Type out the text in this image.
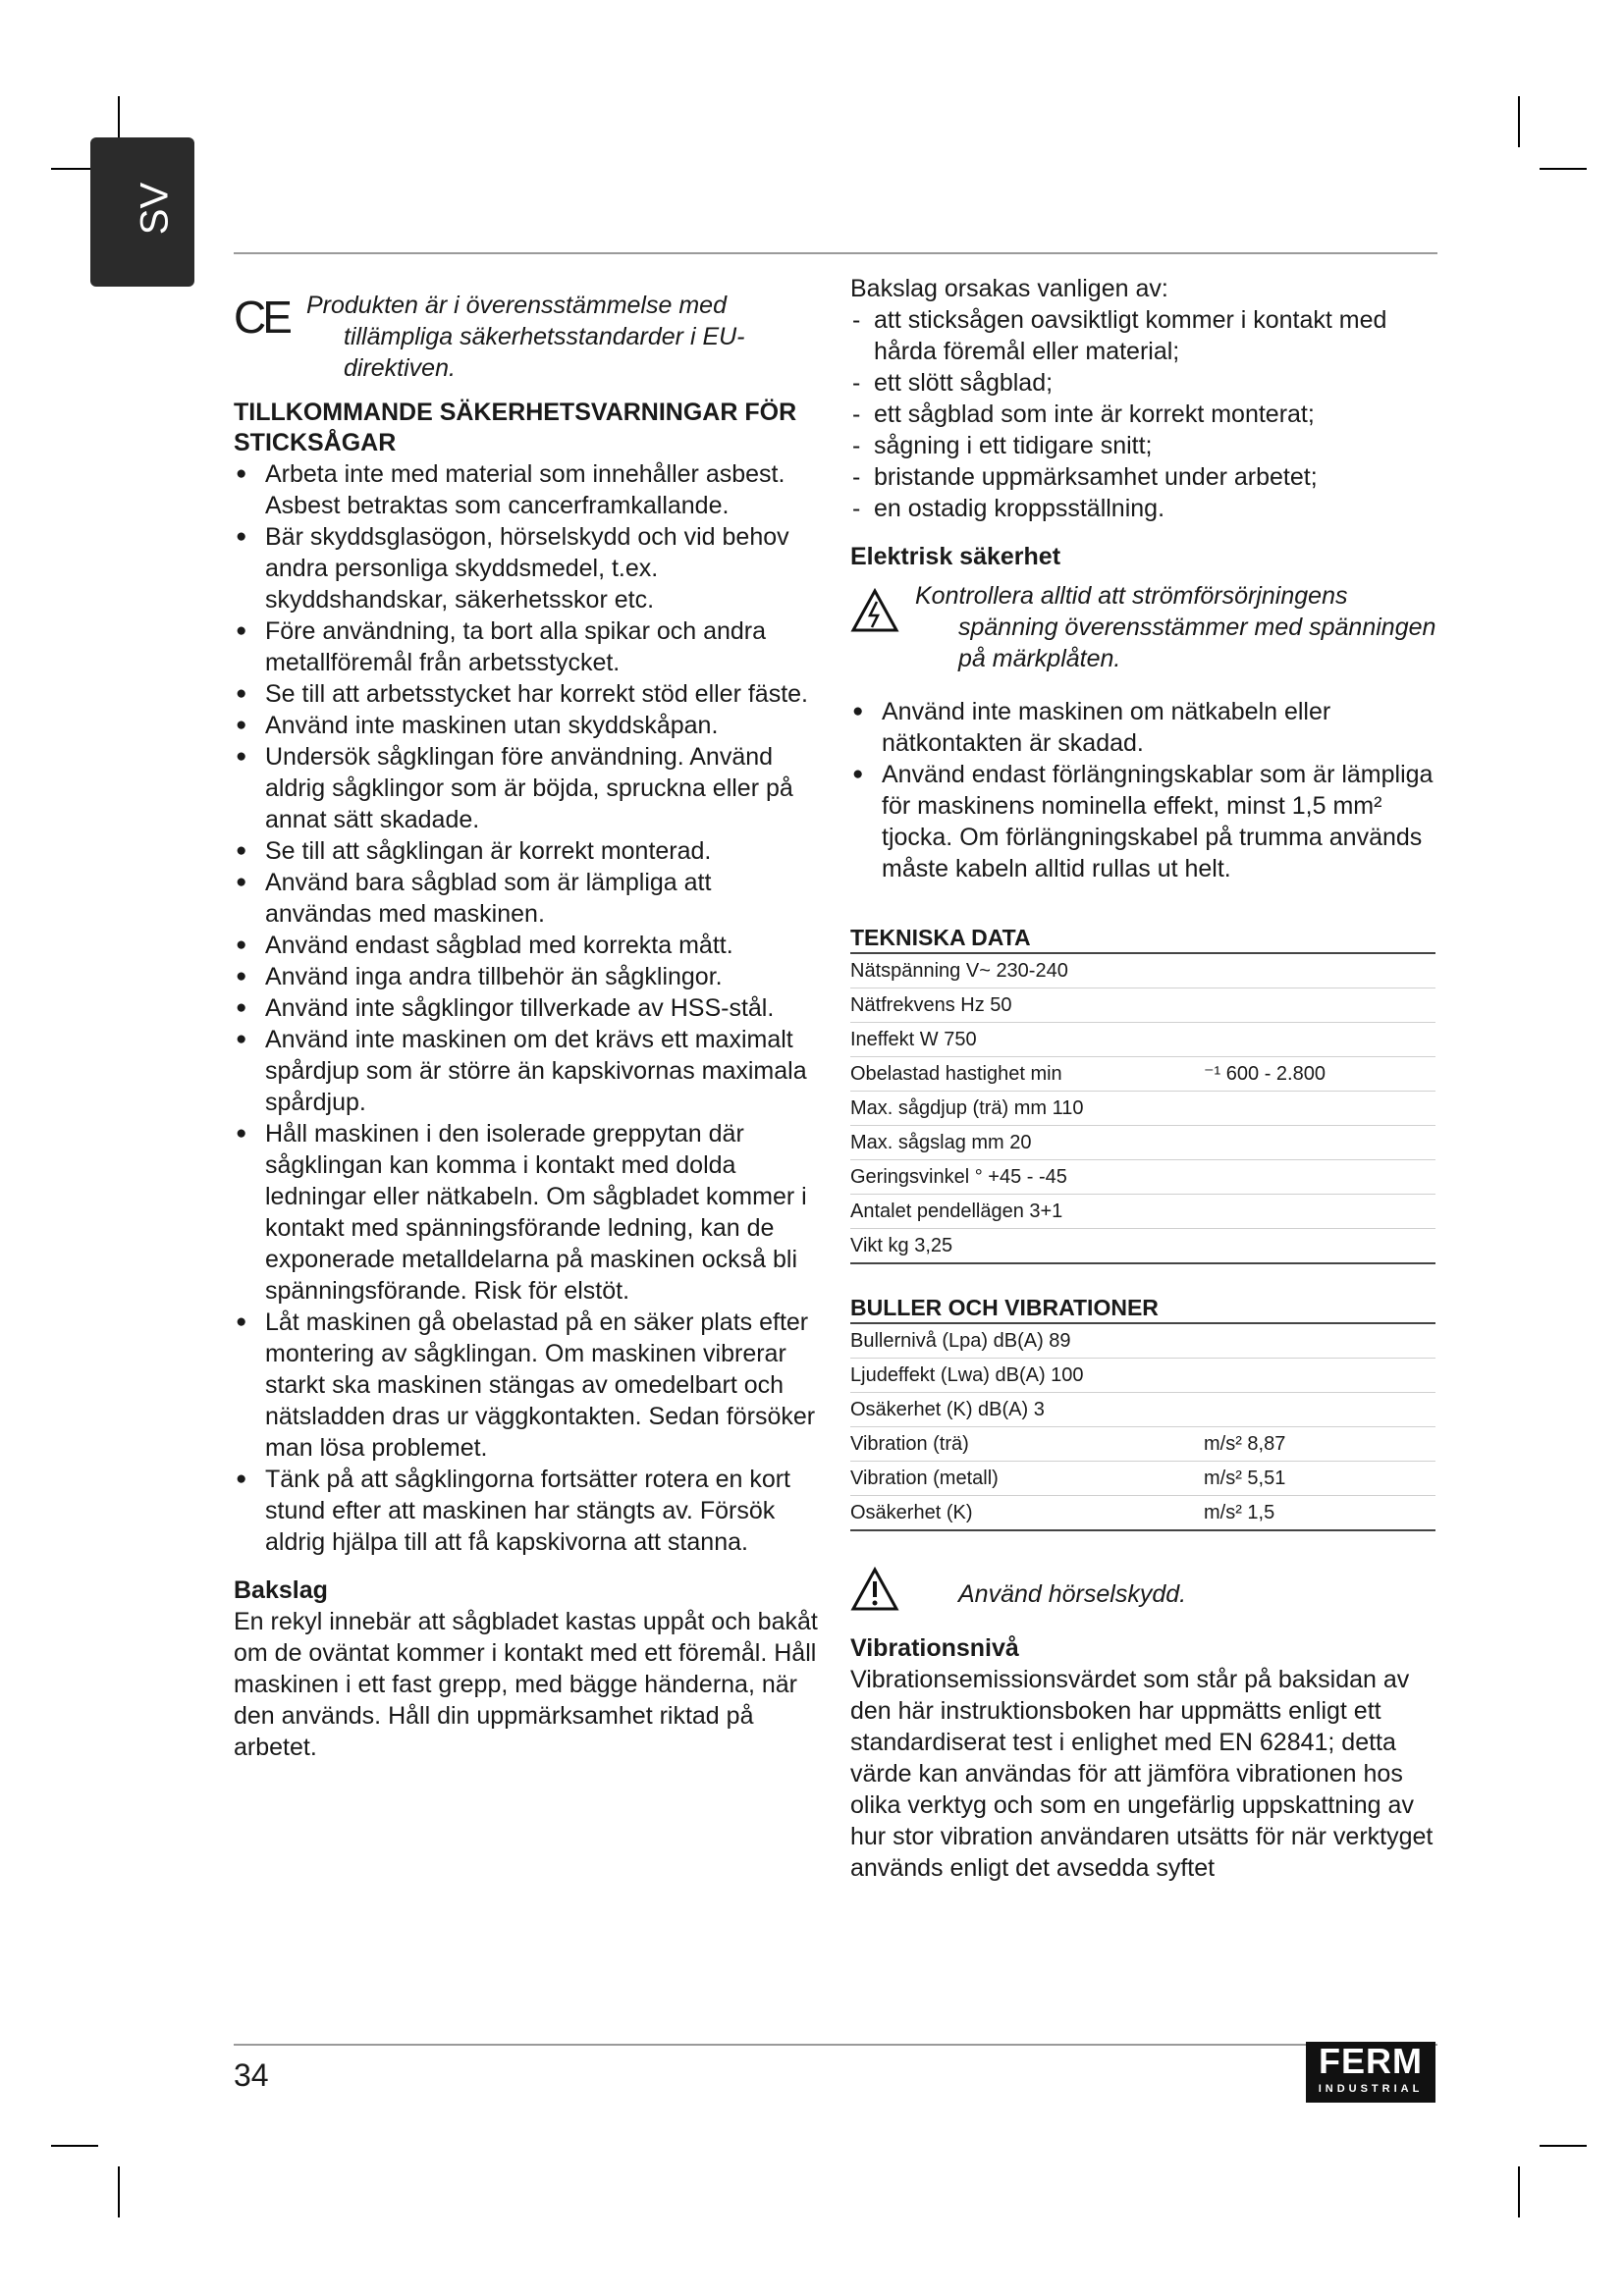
SV
CE Produkten är i överensstämmelse med
tillämpliga säkerhetsstandarder i EU-direktiven.
TILLKOMMANDE SÄKERHETSVARNINGAR FÖR STICKSÅGAR
● Arbeta inte med material som innehåller asbest. Asbest betraktas som cancerframkallande.
● Bär skyddsglasögon, hörselskydd och vid behov andra personliga skyddsmedel, t.ex. skyddshandskar, säkerhetsskor etc.
● Före användning, ta bort alla spikar och andra metallföremål från arbetsstycket.
● Se till att arbetsstycket har korrekt stöd eller fäste.
● Använd inte maskinen utan skyddskåpan.
● Undersök sågklingan före användning. Använd aldrig sågklingor som är böjda, spruckna eller på annat sätt skadade.
● Se till att sågklingan är korrekt monterad.
● Använd bara sågblad som är lämpliga att användas med maskinen.
● Använd endast sågblad med korrekta mått.
● Använd inga andra tillbehör än sågklingor.
● Använd inte sågklingor tillverkade av HSS-stål.
● Använd inte maskinen om det krävs ett maximalt spårdjup som är större än kapskivornas maximala spårdjup.
● Håll maskinen i den isolerade greppytan där sågklingan kan komma i kontakt med dolda ledningar eller nätkabeln. Om sågbladet kommer i kontakt med spänningsförande ledning, kan de exponerade metalldelarna på maskinen också bli spänningsförande. Risk för elstöt.
● Låt maskinen gå obelastad på en säker plats efter montering av sågklingan. Om maskinen vibrerar starkt ska maskinen stängas av omedelbart och nätsladden dras ur väggkontakten. Sedan försöker man lösa problemet.
● Tänk på att sågklingorna fortsätter rotera en kort stund efter att maskinen har stängts av. Försök aldrig hjälpa till att få kapskivorna att stanna.
Bakslag

En rekyl innebär att sågbladet kastas uppåt och bakåt om de oväntat kommer i kontakt med ett föremål. Håll maskinen i ett fast grepp, med bägge händerna, när den används. Håll din uppmärksamhet riktad på arbetet.

Bakslag orsakas vanligen av:

- att sticksågen oavsiktligt kommer i kontakt med hårda föremål eller material;
- ett slött sågblad;
- ett sågblad som inte är korrekt monterat;
- sågning i ett tidigare snitt;
- bristande uppmärksamhet under arbetet;
- en ostadig kroppsställning.
Elektrisk säkerhet
Kontrollera alltid att strömförsörjningens
spänning överensstämmer med spänningen på märkplåten.
● Använd inte maskinen om nätkabeln eller nätkontakten är skadad.
● Använd endast förlängningskablar som är lämpliga för maskinens nominella effekt, minst 1,5 mm² tjocka. Om förlängningskabel på trumma används måste kabeln alltid rullas ut helt.
TEKNISKA DATA
Nätspänning V~ 230-240
Nätfrekvens Hz 50
Ineffekt W 750
Obelastad hastighet min	⁻¹ 600 - 2.800
Max. sågdjup (trä) mm 110
Max. sågslag mm 20
Geringsvinkel ° +45 - -45
Antalet pendellägen 3+1
Vikt kg 3,25
BULLER OCH VIBRATIONER
Bullernivå (Lpa) dB(A) 89
Ljudeffekt (Lwa) dB(A) 100
Osäkerhet (K) dB(A) 3
Vibration (trä)	m/s² 8,87
Vibration (metall)	m/s² 5,51
Osäkerhet (K)	m/s² 1,5
Använd hörselskydd.
Vibrationsnivå

Vibrationsemissionsvärdet som står på baksidan av den här instruktionsboken har uppmätts enligt ett standardiserat test i enlighet med EN 62841; detta värde kan användas för att jämföra vibrationen hos olika verktyg och som en ungefärlig uppskattning av hur stor vibration användaren utsätts för när verktyget används enligt det avsedda syftet

34	FERM
INDUSTRIAL
